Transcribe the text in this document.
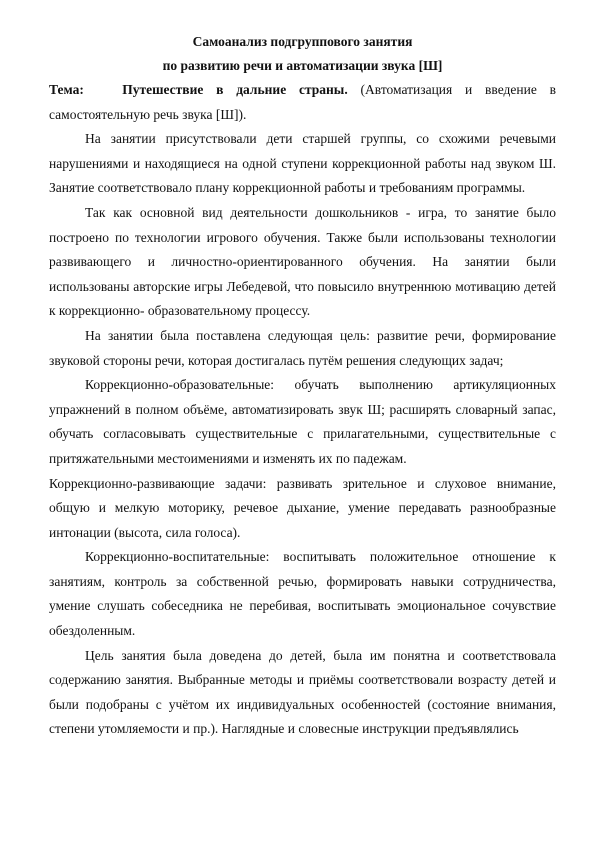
Самоанализ подгруппового занятия

по развитию речи и автоматизации звука [Ш]

Тема:	Путешествие в дальние страны. (Автоматизация и введение в самостоятельную речь звука [Ш]).

На занятии присутствовали дети старшей группы, со схожими речевыми нарушениями и находящиеся на одной ступени коррекционной работы над звуком Ш. Занятие соответствовало плану коррекционной работы и требованиям программы.

Так как основной вид деятельности дошкольников - игра, то занятие было построено по технологии игрового обучения. Также были использованы технологии развивающего и личностно-ориентированного обучения. На занятии были использованы авторские игры Лебедевой, что повысило внутреннюю мотивацию детей к коррекционно- образовательному процессу.

На занятии была поставлена следующая цель: развитие речи, формирование звуковой стороны речи, которая достигалась путём решения следующих задач;

Коррекционно-образовательные: обучать выполнению артикуляционных упражнений в полном объёме, автоматизировать звук Ш; расширять словарный запас, обучать согласовывать существительные с прилагательными, существительные с притяжательными местоимениями и изменять их по падежам.

Коррекционно-развивающие задачи: развивать зрительное и слуховое внимание, общую и мелкую моторику, речевое дыхание, умение передавать разнообразные интонации (высота, сила голоса).

Коррекционно-воспитательные: воспитывать положительное отношение к занятиям, контроль за собственной речью, формировать навыки сотрудничества, умение слушать собеседника не перебивая, воспитывать эмоциональное сочувствие обездоленным.

Цель занятия была доведена до детей, была им понятна и соответствовала содержанию занятия. Выбранные методы и приёмы соответствовали возрасту детей и были подобраны с учётом их индивидуальных особенностей (состояние внимания, степени утомляемости и пр.). Наглядные и словесные инструкции предъявлялись
